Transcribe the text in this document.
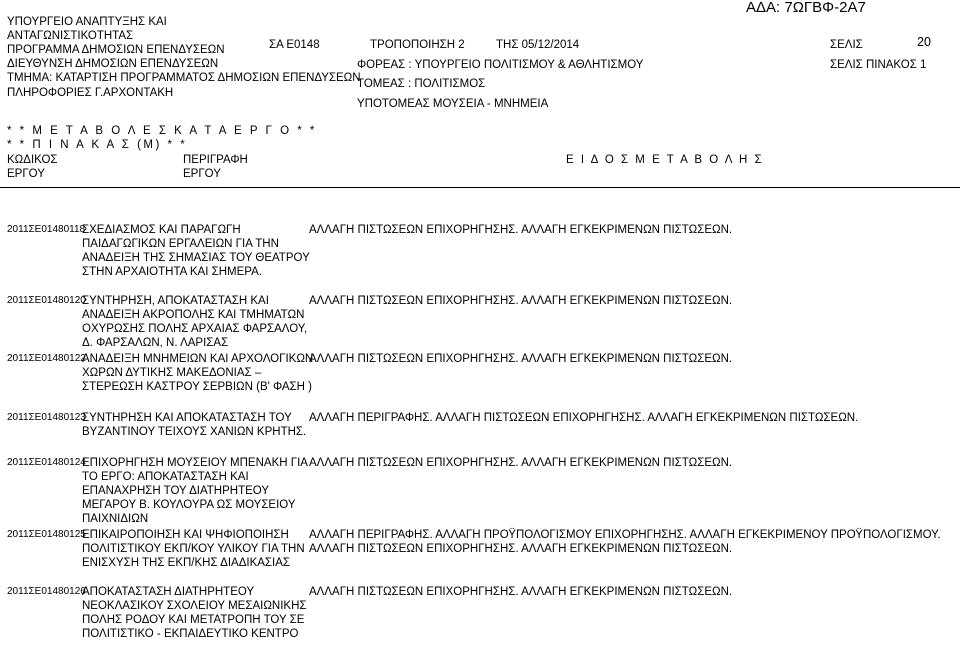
ΑΔΑ: 7ΩΓΒΦ-2Α7
ΥΠΟΥΡΓΕΙΟ ΑΝΑΠΤΥΞΗΣ ΚΑΙ
ΑΝΤΑΓΩΝΙΣΤΙΚΟΤΗΤΑΣ
ΠΡΟΓΡΑΜΜΑ ΔΗΜΟΣΙΩΝ ΕΠΕΝΔΥΣΕΩΝ
ΔΙΕΥΘΥΝΣΗ ΔΗΜΟΣΙΩΝ ΕΠΕΝΔΥΣΕΩΝ
ΤΜΗΜΑ: ΚΑΤΑΡΤΙΣΗ ΠΡΟΓΡΑΜΜΑΤΟΣ ΔΗΜΟΣΙΩΝ ΕΠΕΝΔΥΣΕΩΝ
ΠΛΗΡΟΦΟΡΙΕΣ Γ.ΑΡΧΟΝΤΑΚΗ
ΣΑ Ε0148	ΤΡΟΠΟΠΟΙΗΣΗ 2	ΤΗΣ 05/12/2014
ΦΟΡΕΑΣ : ΥΠΟΥΡΓΕΙΟ ΠΟΛΙΤΙΣΜΟΥ & ΑΘΛΗΤΙΣΜΟΥ
ΤΟΜΕΑΣ : ΠΟΛΙΤΙΣΜΟΣ
ΥΠΟΤΟΜΕΑΣ ΜΟΥΣΕΙΑ - ΜΝΗΜΕΙΑ
ΣΕΛΙΣ	20
ΣΕΛΙΣ ΠΙΝΑΚΟΣ 1
* * Μ Ε Τ Α Β Ο Λ Ε Σ Κ Α Τ Α Ε Ρ Γ Ο * *
* * Π Ι Ν Α Κ Α Σ (Μ) * *
ΚΩΔΙΚΟΣ
ΕΡΓΟΥ
ΠΕΡΙΓΡΑΦΗ
ΕΡΓΟΥ
Ε Ι Δ Ο Σ Μ Ε Τ Α Β Ο Λ Η Σ
2011ΣΕ01480118
ΣΧΕΔΙΑΣΜΟΣ ΚΑΙ ΠΑΡΑΓΩΓΗ ΠΑΙΔΑΓΩΓΙΚΩΝ ΕΡΓΑΛΕΙΩΝ ΓΙΑ ΤΗΝ ΑΝΑΔΕΙΞΗ ΤΗΣ ΣΗΜΑΣΙΑΣ ΤΟΥ ΘΕΑΤΡΟΥ ΣΤΗΝ ΑΡΧΑΙΟΤΗΤΑ ΚΑΙ ΣΗΜΕΡΑ.
ΑΛΛΑΓΗ ΠΙΣΤΩΣΕΩΝ ΕΠΙΧΟΡΗΓΗΣΗΣ. ΑΛΛΑΓΗ ΕΓΚΕΚΡΙΜΕΝΩΝ ΠΙΣΤΩΣΕΩΝ.
2011ΣΕ01480120
ΣΥΝΤΗΡΗΣΗ, ΑΠΟΚΑΤΑΣΤΑΣΗ ΚΑΙ ΑΝΑΔΕΙΞΗ ΑΚΡΟΠΟΛΗΣ ΚΑΙ ΤΜΗΜΑΤΩΝ ΟΧΥΡΩΣΗΣ ΠΟΛΗΣ ΑΡΧΑΙΑΣ ΦΑΡΣΑΛΟΥ, Δ. ΦΑΡΣΑΛΩΝ, Ν. ΛΑΡΙΣΑΣ
ΑΛΛΑΓΗ ΠΙΣΤΩΣΕΩΝ ΕΠΙΧΟΡΗΓΗΣΗΣ. ΑΛΛΑΓΗ ΕΓΚΕΚΡΙΜΕΝΩΝ ΠΙΣΤΩΣΕΩΝ.
2011ΣΕ01480122
ΑΝΑΔΕΙΞΗ ΜΝΗΜΕΙΩΝ ΚΑΙ ΑΡΧΟΛΟΓΙΚΩΝ ΧΩΡΩΝ ΔΥΤΙΚΗΣ ΜΑΚΕΔΟΝΙΑΣ – ΣΤΕΡΕΩΣΗ ΚΑΣΤΡΟΥ ΣΕΡΒΙΩΝ (Β' ΦΑΣΗ )
ΑΛΛΑΓΗ ΠΙΣΤΩΣΕΩΝ ΕΠΙΧΟΡΗΓΗΣΗΣ. ΑΛΛΑΓΗ ΕΓΚΕΚΡΙΜΕΝΩΝ ΠΙΣΤΩΣΕΩΝ.
2011ΣΕ01480123
ΣΥΝΤΗΡΗΣΗ ΚΑΙ ΑΠΟΚΑΤΑΣΤΑΣΗ ΤΟΥ ΒΥΖΑΝΤΙΝΟΥ ΤΕΙΧΟΥΣ ΧΑΝΙΩΝ ΚΡΗΤΗΣ.
ΑΛΛΑΓΗ ΠΕΡΙΓΡΑΦΗΣ. ΑΛΛΑΓΗ ΠΙΣΤΩΣΕΩΝ ΕΠΙΧΟΡΗΓΗΣΗΣ. ΑΛΛΑΓΗ ΕΓΚΕΚΡΙΜΕΝΩΝ ΠΙΣΤΩΣΕΩΝ.
2011ΣΕ01480124
ΕΠΙΧΟΡΗΓΗΣΗ ΜΟΥΣΕΙΟΥ ΜΠΕΝΑΚΗ ΓΙΑ ΤΟ ΕΡΓΟ: ΑΠΟΚΑΤΑΣΤΑΣΗ ΚΑΙ ΕΠΑΝΑΧΡΗΣΗ ΤΟΥ ΔΙΑΤΗΡΗΤΕΟΥ ΜΕΓΑΡΟΥ Β. ΚΟΥΛΟΥΡΑ ΩΣ ΜΟΥΣΕΙΟΥ ΠΑΙΧΝΙΔΙΩΝ
ΑΛΛΑΓΗ ΠΙΣΤΩΣΕΩΝ ΕΠΙΧΟΡΗΓΗΣΗΣ. ΑΛΛΑΓΗ ΕΓΚΕΚΡΙΜΕΝΩΝ ΠΙΣΤΩΣΕΩΝ.
2011ΣΕ01480125
ΕΠΙΚΑΙΡΟΠΟΙΗΣΗ ΚΑΙ ΨΗΦΙΟΠΟΙΗΣΗ ΠΟΛΙΤΙΣΤΙΚΟΥ ΕΚΠ/ΚΟΥ ΥΛΙΚΟΥ ΓΙΑ ΤΗΝ ΕΝΙΣΧΥΣΗ ΤΗΣ ΕΚΠ/ΚΗΣ ΔΙΑΔΙΚΑΣΙΑΣ
ΑΛΛΑΓΗ ΠΕΡΙΓΡΑΦΗΣ. ΑΛΛΑΓΗ ΠΡΟΫΠΟΛΟΓΙΣΜΟΥ ΕΠΙΧΟΡΗΓΗΣΗΣ. ΑΛΛΑΓΗ ΕΓΚΕΚΡΙΜΕΝΟΥ ΠΡΟΫΠΟΛΟΓΙΣΜΟΥ.
ΑΛΛΑΓΗ ΠΙΣΤΩΣΕΩΝ ΕΠΙΧΟΡΗΓΗΣΗΣ. ΑΛΛΑΓΗ ΕΓΚΕΚΡΙΜΕΝΩΝ ΠΙΣΤΩΣΕΩΝ.
2011ΣΕ01480126
ΑΠΟΚΑΤΑΣΤΑΣΗ ΔΙΑΤΗΡΗΤΕΟΥ ΝΕΟΚΛΑΣΙΚΟΥ ΣΧΟΛΕΙΟΥ ΜΕΣΑΙΩΝΙΚΗΣ ΠΟΛΗΣ ΡΟΔΟΥ ΚΑΙ ΜΕΤΑΤΡΟΠΗ ΤΟΥ ΣΕ ΠΟΛΙΤΙΣΤΙΚΟ - ΕΚΠΑΙΔΕΥΤΙΚΟ ΚΕΝΤΡΟ
ΑΛΛΑΓΗ ΠΙΣΤΩΣΕΩΝ ΕΠΙΧΟΡΗΓΗΣΗΣ. ΑΛΛΑΓΗ ΕΓΚΕΚΡΙΜΕΝΩΝ ΠΙΣΤΩΣΕΩΝ.
